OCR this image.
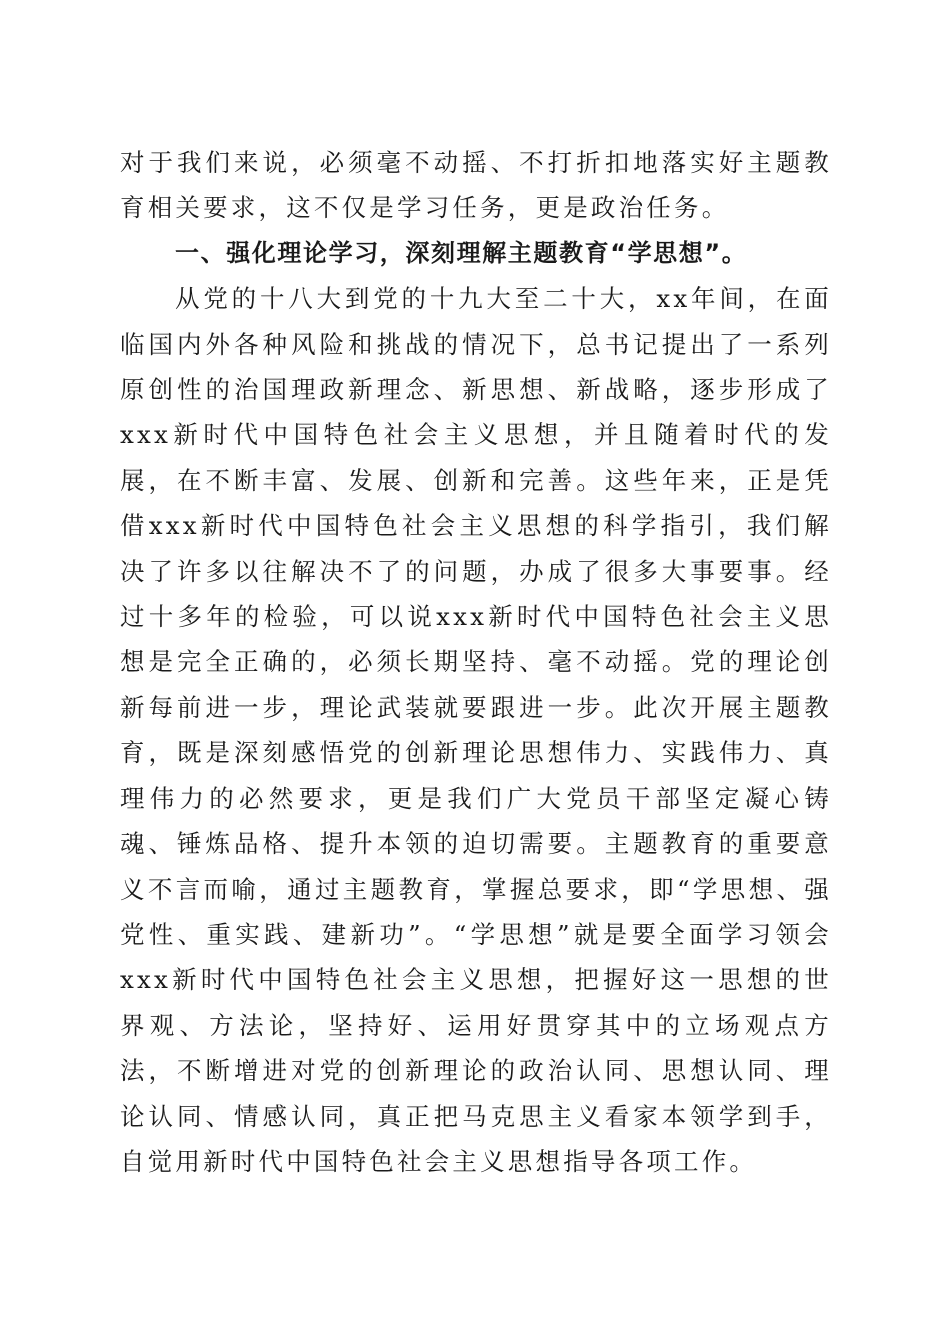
对于我们来说，必须毫不动摇、不打折扣地落实好主题教育相关要求，这不仅是学习任务，更是政治任务。

一、强化理论学习，深刻理解主题教育“学思想”。

从党的十八大到党的十九大至二十大，xx年间，在面临国内外各种风险和挑战的情况下，总书记提出了一系列原创性的治国理政新理念、新思想、新战略，逐步形成了xxx新时代中国特色社会主义思想，并且随着时代的发展，在不断丰富、发展、创新和完善。这些年来，正是凭借xxx新时代中国特色社会主义思想的科学指引，我们解决了许多以往解决不了的问题，办成了很多大事要事。经过十多年的检验，可以说xxx新时代中国特色社会主义思想是完全正确的，必须长期坚持、毫不动摇。党的理论创新每前进一步，理论武装就要跟进一步。此次开展主题教育，既是深刻感悟党的创新理论思想伟力、实践伟力、真理伟力的必然要求，更是我们广大党员干部坚定凝心铸魂、锤炼品格、提升本领的迫切需要。主题教育的重要意义不言而喻，通过主题教育，掌握总要求，即“学思想、强党性、重实践、建新功”。“学思想”就是要全面学习领会xxx新时代中国特色社会主义思想，把握好这一思想的世界观、方法论，坚持好、运用好贯穿其中的立场观点方法，不断增进对党的创新理论的政治认同、思想认同、理论认同、情感认同，真正把马克思主义看家本领学到手，自觉用新时代中国特色社会主义思想指导各项工作。
